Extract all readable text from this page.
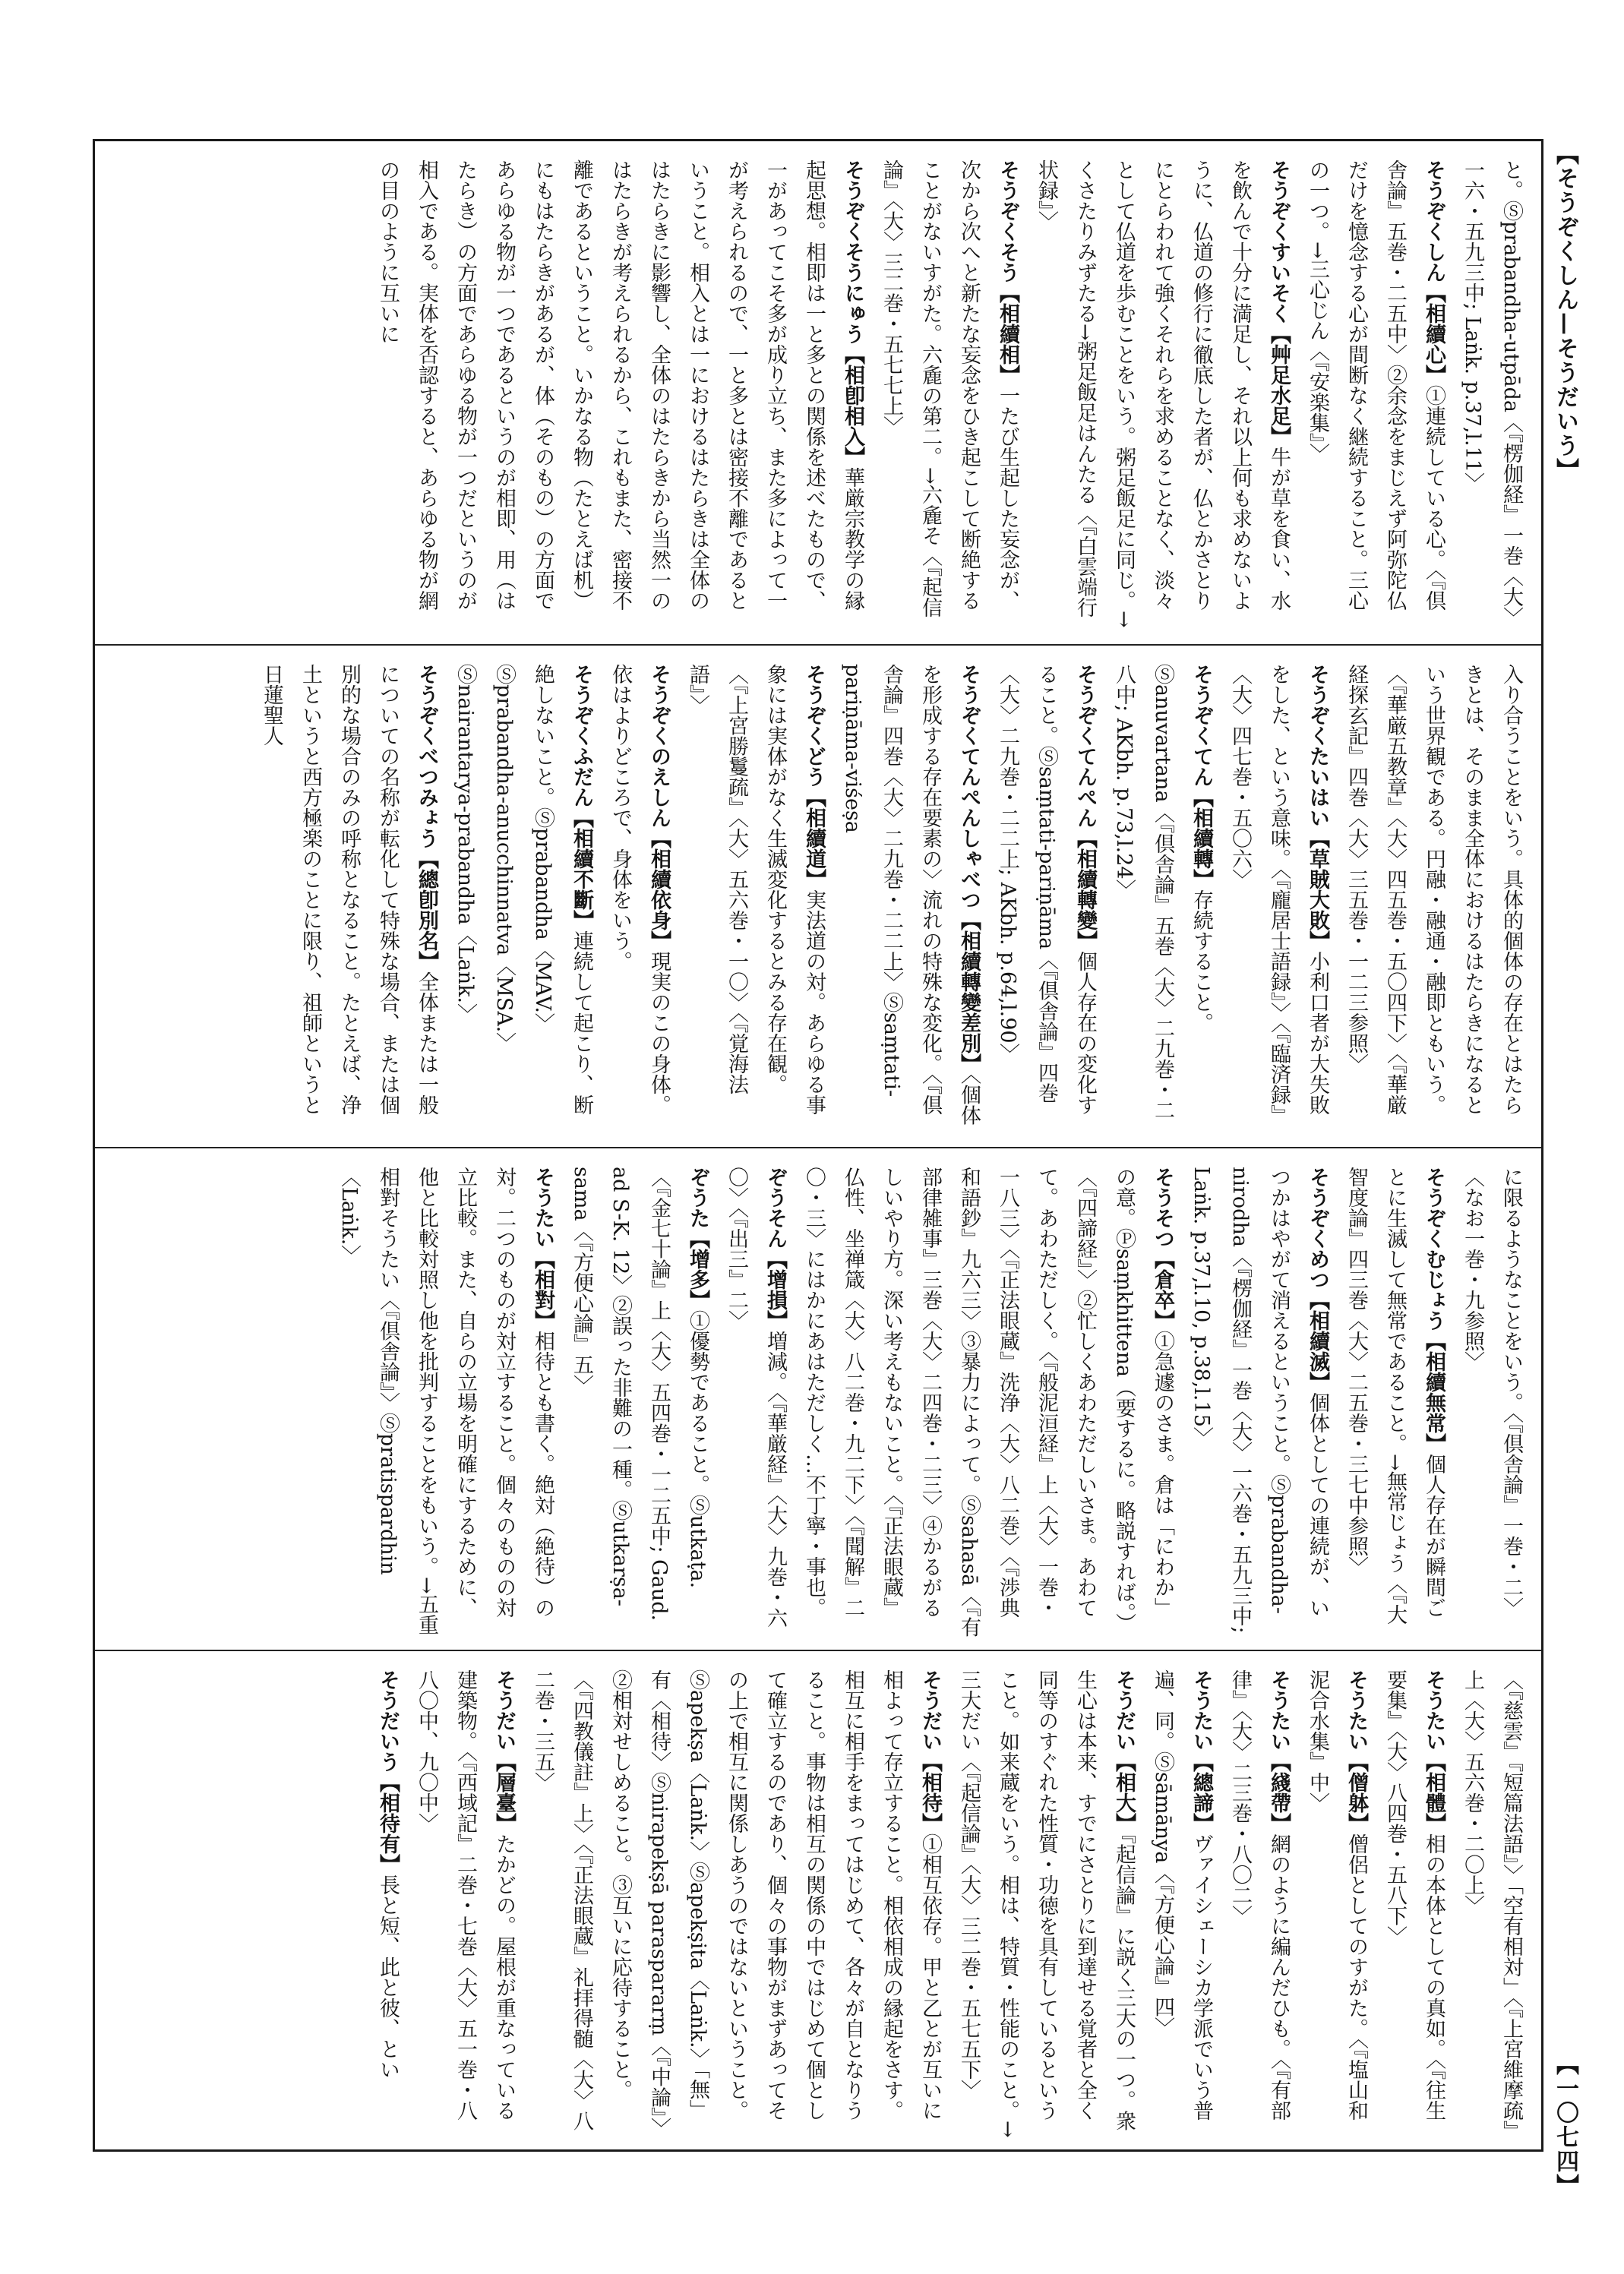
【そうぞくしん—そうだいう】

と。Ⓢprabandha-utpāda〈『楞伽経』一巻〈大〉一六・五九三中; Laṅk. p.37,l.11〉

そうぞくしん【相續心】①連続している心。〈『倶舎論』五巻・二五中〉②余念をまじえず阿弥陀仏だけを憶念する心が間断なく継続すること。三心の一つ。→三心じん〈『安楽集』〉

そうぞくすいそく【艸足水足】牛が草を食い、水を飲んで十分に満足し、それ以上何も求めないように、仏道の修行に徹底した者が、仏とかさとりにとらわれて強くそれらを求めることなく、淡々として仏道を歩むことをいう。粥足飯足に同じ。→くさたりみずたる→粥足飯足はんたる〈『白雲端行状録』〉

そうぞくそう【相續相】一たび生起した妄念が、次から次へと新たな妄念をひき起こして断絶することがないすがた。六麁の第二。→六麁そ〈『起信論』〈大〉三二巻・五七七上〉

そうぞくそうにゅう【相卽相入】華厳宗教学の縁起思想。相即は一と多との関係を述べたもので、一があってこそ多が成り立ち、また多によって一が考えられるので、一と多とは密接不離であるということ。相入とは一におけるはたらきは全体のはたらきに影響し、全体のはたらきから当然一のはたらきが考えられるから、これもまた、密接不離であるということ。いかなる物（たとえば机）にもはたらきがあるが、体（そのもの）の方面であらゆる物が一つであるというのが相即、用（はたらき）の方面であらゆる物が一つだというのが相入である。実体を否認すると、あらゆる物が網の目のように互いに

入り合うことをいう。具体的個体の存在とはたらきとは、そのまま全体におけるはたらきになるという世界観である。円融・融通・融即ともいう。〈『華厳五教章』〈大〉四五巻・五〇四下〉〈『華厳経探玄記』四巻〈大〉三五巻・一二三参照〉

そうぞくたいはい【草賊大敗】小利口者が大失敗をした、という意味。〈『龐居士語録』〉〈『臨済録』〈大〉四七巻・五〇六〉

そうぞくてん【相續轉】存続すること。Ⓢanuvartana〈『倶舎論』五巻〈大〉二九巻・二八中; AKbh. p.73,l.24〉

そうぞくてんぺん【相續轉變】個人存在の変化すること。Ⓢsaṃtati-pariṇāma〈『倶舎論』四巻〈大〉二九巻・二二上; AKbh. p.64,l.90〉

そうぞくてんぺんしゃべつ【相續轉變差別】〈個体を形成する存在要素の〉流れの特殊な変化。〈『倶舎論』四巻〈大〉二九巻・二二上〉Ⓢsaṃtati-pariṇāma-viśeṣa

そうぞくどう【相續道】実法道の対。あらゆる事象には実体がなく生滅変化するとみる存在観。〈『上宮勝鬘疏』〈大〉五六巻・一〇〉〈『覚海法語』〉

そうぞくのえしん【相續依身】現実のこの身体。依はよりどころで、身体をいう。

そうぞくふだん【相續不斷】連続して起こり、断絶しないこと。Ⓢprabandha〈MAV.〉Ⓢprabandha-anucchinnatva〈MSA.〉Ⓢnairantarya-prabandha〈Laṅk.〉

そうぞくべつみょう【總卽別名】全体または一般についての名称が転化して特殊な場合、または個別的な場合のみの呼称となること。たとえば、浄土というと西方極楽のことに限り、祖師というと日蓮聖人

に限るようなことをいう。〈『倶舎論』一巻・二〉〈なお一巻・九参照〉

そうぞくむじょう【相續無常】個人存在が瞬間ごとに生滅して無常であること。→無常じょう〈『大智度論』四三巻〈大〉二五巻・三七中参照〉

そうぞくめつ【相續滅】個体としての連続が、いつかはやがて消えるということ。Ⓢprabandha-nirodha〈『楞伽経』一巻〈大〉一六巻・五九三中; Laṅk. p.37,l.10, p.38,l.15〉

そうそつ【倉卒】①急遽のさま。倉は「にわか」の意。Ⓟsaṃkhittena（要するに。略説すれば。）〈『四諦経』〉②忙しくあわただしいさま。あわてて。あわただしく。〈『般泥洹経』上〈大〉一巻・一八三〉〈『正法眼蔵』洗浄〈大〉八二巻〉〈『渉典和語鈔』九六三〉③暴力によって。Ⓢsahasā〈『有部律雑事』三巻〈大〉二四巻・二三〉④かるがるしいやり方。深い考えもないこと。〈『正法眼蔵』仏性、坐禅箴〈大〉八二巻・九二下〉〈『聞解』二〇・三〉にはかにあはただしく…不丁寧・事也。

ぞうそん【增損】増減。〈『華厳経』〈大〉九巻・六〇〉〈『出三』二〉

ぞうた【增多】①優勢であること。Ⓢutkaṭa.〈『金七十論』上〈大〉五四巻・一二五中; Gaud. ad S-K. 12〉②誤った非難の一種。Ⓢutkarṣa-sama〈『方便心論』五〉

そうたい【相對】相待とも書く。絶対（絶待）の対。二つのものが対立すること。個々のものの対立比較。また、自らの立場を明確にするために、他と比較対照し他を批判することをもいう。→五重相對そうたい〈『倶舎論』〉Ⓢpratispardhin〈Laṅk.〉

〈『慈雲』『短篇法語』〉「空有相対」〈『上宮維摩疏』上〈大〉五六巻・二〇上〉

そうたい【相體】相の本体としての真如。〈『往生要集』〈大〉八四巻・五八下〉

そうたい【僧躰】僧侶としてのすがた。〈『塩山和泥合水集』中〉

そうたい【綫帶】網のように編んだひも。〈『有部律』〈大〉二三巻・八〇二〉

そうたい【總諦】ヴァイシェーシカ学派でいう普遍、同。Ⓢsāmānya〈『方便心論』四〉

そうだい【相大】『起信論』に説く三大の一つ。衆生心は本来、すでにさとりに到達せる覚者と全く同等のすぐれた性質・功徳を具有しているということ。如来蔵をいう。相は、特質・性能のこと。→三大だい〈『起信論』〈大〉三二巻・五七五下〉

そうだい【相待】①相互依存。甲と乙とが互いに相よって存立すること。相依相成の縁起をさす。相互に相手をまってはじめて、各々が自となりうること。事物は相互の関係の中ではじめて個として確立するのであり、個々の事物がまずあってその上で相互に関係しあうのではないということ。Ⓢapekṣa〈Laṅk.〉Ⓢapekṣita〈Laṅk.〉「無」有〈相待〉Ⓢnirapekṣā paraspararṃ〈『中論』〉②相対せしめること。③互いに応待すること。〈『四教儀註』上〉〈『正法眼蔵』礼拝得髄〈大〉八二巻・三五〉

そうだい【層臺】たかどの。屋根が重なっている建築物。〈『西域記』二巻・七巻〈大〉五一巻・八八〇中、九〇中〉

そうだいう【相待有】長と短、此と彼、とい

【一〇七四】
